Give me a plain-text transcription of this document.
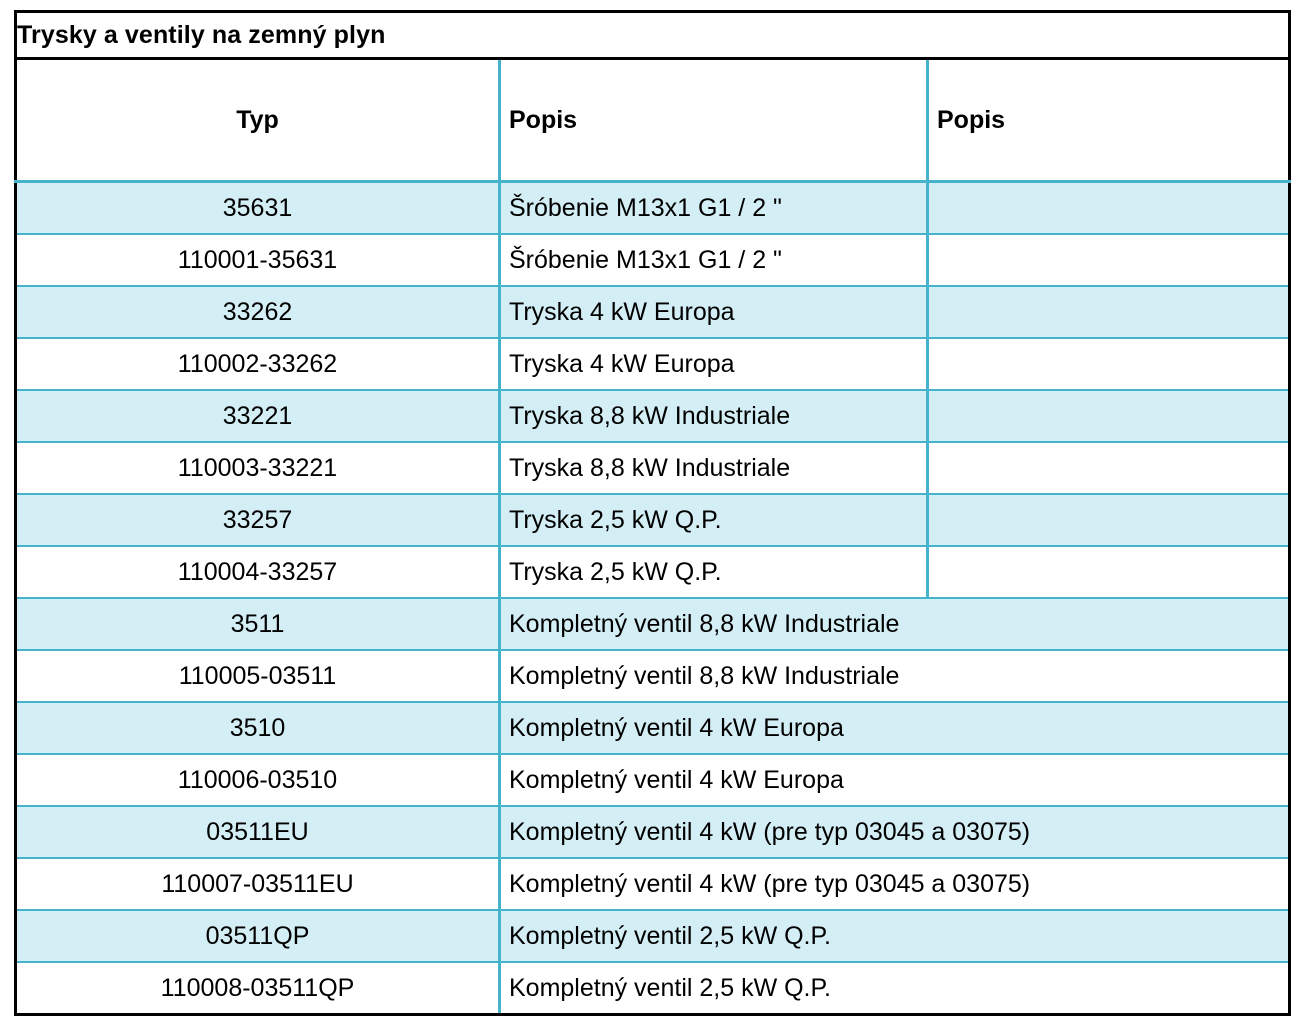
Trysky a ventily na zemný plyn		
Typ	Popis	Popis
35631	Šróbenie M13x1 G1 / 2 "	
110001-35631	Šróbenie M13x1 G1 / 2 "	
33262	Tryska 4 kW Europa	
110002-33262	Tryska 4 kW Europa	
33221	Tryska 8,8 kW Industriale	
110003-33221	Tryska 8,8 kW Industriale	
33257	Tryska 2,5 kW Q.P.	
110004-33257	Tryska 2,5 kW Q.P.	
3511	Kompletný ventil 8,8 kW Industriale	
110005-03511	Kompletný ventil 8,8 kW Industriale	
3510	Kompletný ventil 4 kW Europa	
110006-03510	Kompletný ventil 4 kW Europa	
03511EU	Kompletný ventil 4 kW (pre typ 03045 a 03075)	
110007-03511EU	Kompletný ventil 4 kW (pre typ 03045 a 03075)	
03511QP	Kompletný ventil 2,5 kW Q.P.	
110008-03511QP	Kompletný ventil 2,5 kW Q.P.	
